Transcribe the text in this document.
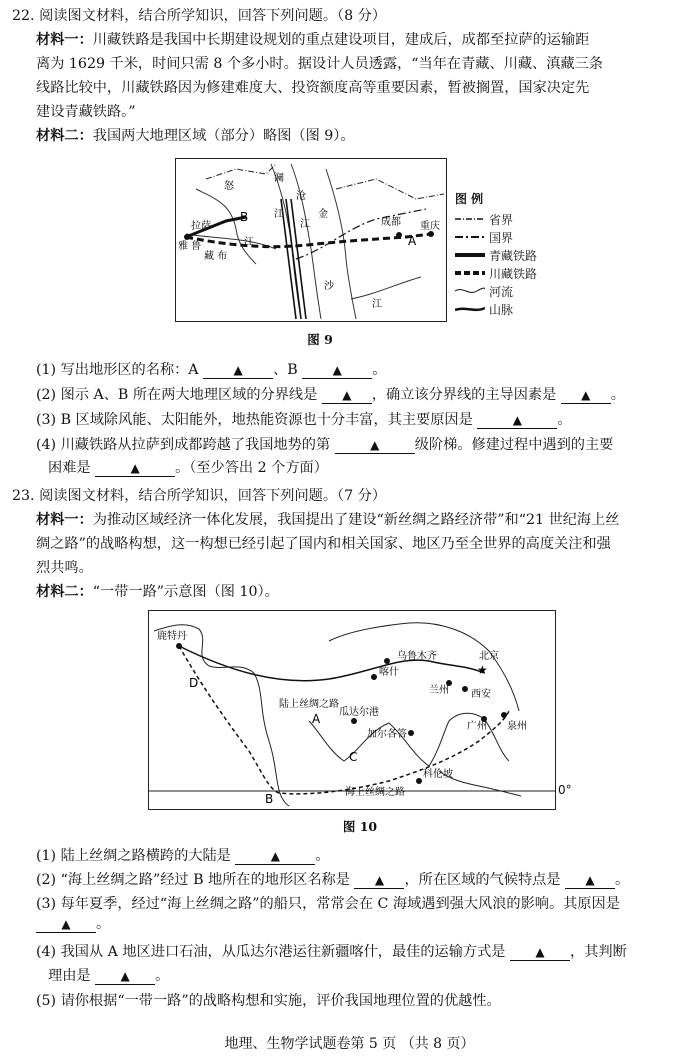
22. 阅读图文材料，结合所学知识，回答下列问题。（8 分）
材料一：川藏铁路是我国中长期建设规划的重点建设项目，建成后，成都至拉萨的运输距
离为 1629 千米，时间只需 8 个多小时。据设计人员透露，“当年在青藏、川藏、滇藏三条
线路比较中，川藏铁路因为修建难度大、投资额度高等重要因素，暂被搁置，国家决定先
建设青藏铁路。”
材料二：我国两大地理区域（部分）略图（图 9）。
怒
澜
江
沧
江
金
沙
江
拉萨
雅 鲁
藏 布
江
B
A
成都 重庆
图 例
省界
国界
青藏铁路
川藏铁路
河流
山脉
图 9
(1) 写出地形区的名称：A	▲ 、B	▲ 。
(2) 图示 A、B 所在两大地理区域的分界线是 ▲ ，确立该分界线的主导因素是 ▲ 。
(3) B 区域除风能、太阳能外，地热能资源也十分丰富，其主要原因是	▲ 。
(4) 川藏铁路从拉萨到成都跨越了我国地势的第	▲ 级阶梯。修建过程中遇到的主要
困难是	▲ 。（至少答出 2 个方面）
23. 阅读图文材料，结合所学知识，回答下列问题。（7 分）
材料一：为推动区域经济一体化发展，我国提出了建设“新丝绸之路经济带”和“21 世纪海上丝
绸之路”的战略构想，这一构想已经引起了国内和相关国家、地区乃至全世界的高度关注和强
烈共鸣。
材料二：“一带一路”示意图（图 10）。
★
鹿特丹
乌鲁木齐
喀什
北京
兰州 西安
广州 泉州
瓜达尔港
加尔各答
科伦坡
陆上丝绸之路
海上丝绸之路
A
B
C
D
0°
图 10
(1) 陆上丝绸之路横跨的大陆是	▲ 。
(2) “海上丝绸之路”经过 B 地所在的地形区名称是 ▲ ，所在区域的气候特点是 ▲ 。
(3) 每年夏季，经过“海上丝绸之路”的船只，常常会在 C 海域遇到强大风浪的影响。其原因是 ▲ 。
(4) 我国从 A 地区进口石油，从瓜达尔港运往新疆喀什，最佳的运输方式是 ▲ ，其判断
理由是 ▲ 。
(5) 请你根据“一带一路”的战略构想和实施，评价我国地理位置的优越性。
地理、生物学试题卷第 5 页 （共 8 页）
